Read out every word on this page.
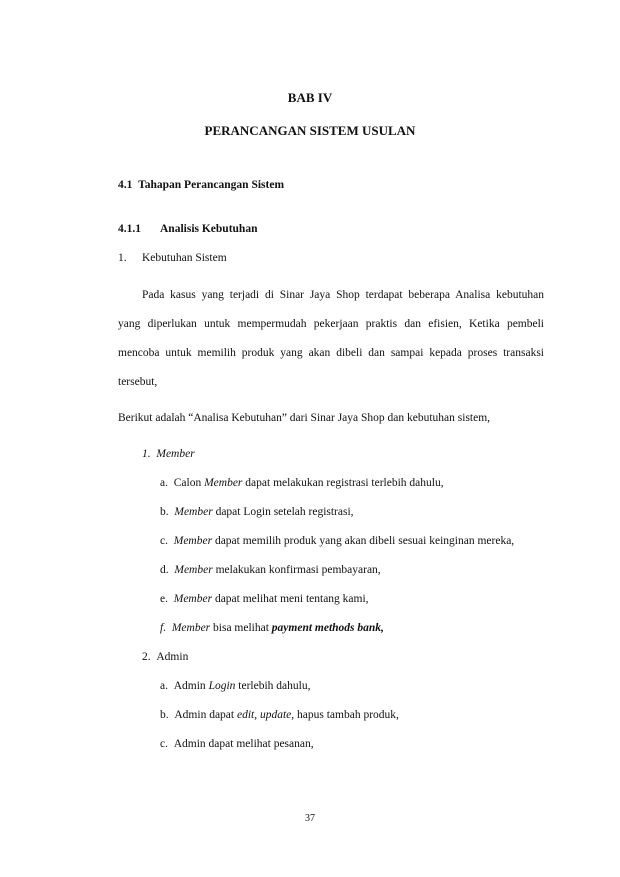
BAB IV
PERANCANGAN SISTEM USULAN
4.1 Tahapan Perancangan Sistem
4.1.1 Analisis Kebutuhan
1. Kebutuhan Sistem
Pada kasus yang terjadi di Sinar Jaya Shop terdapat beberapa Analisa kebutuhan
yang diperlukan untuk mempermudah pekerjaan praktis dan efisien, Ketika pembeli
mencoba untuk memilih produk yang akan dibeli dan sampai kepada proses transaksi
tersebut,
Berikut adalah “Analisa Kebutuhan” dari Sinar Jaya Shop dan kebutuhan sistem,
1. Member
a. Calon Member dapat melakukan registrasi terlebih dahulu,
b. Member dapat Login setelah registrasi,
c. Member dapat memilih produk yang akan dibeli sesuai keinginan mereka,
d. Member melakukan konfirmasi pembayaran,
e. Member dapat melihat meni tentang kami,
f. Member bisa melihat payment methods bank,
2. Admin
a. Admin Login terlebih dahulu,
b. Admin dapat edit, update, hapus tambah produk,
c. Admin dapat melihat pesanan,
37
